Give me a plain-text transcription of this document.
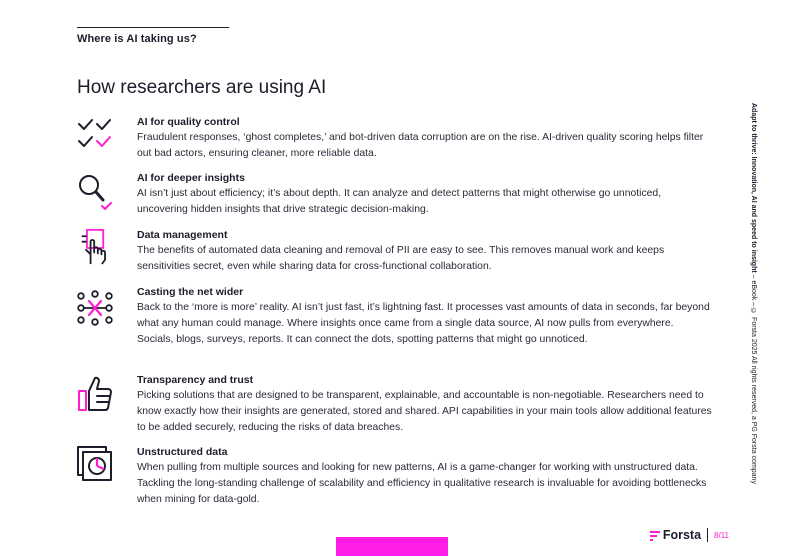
Where is AI taking us?
How researchers are using AI

AI for quality control

Fraudulent responses, ‘ghost completes,’ and bot-driven data corruption are on the rise. AI-driven quality scoring helps filter out bad actors, ensuring cleaner, more reliable data.

AI for deeper insights

AI isn’t just about efficiency; it’s about depth. It can analyze and detect patterns that might otherwise go unnoticed, uncovering hidden insights that drive strategic decision-making.

Data management

The benefits of automated data cleaning and removal of PII are easy to see. This removes manual work and keeps sensitivities secret, even while sharing data for cross-functional collaboration.

Casting the net wider

Back to the ‘more is more’ reality. AI isn’t just fast, it’s lightning fast. It processes vast amounts of data in seconds, far beyond what any human could manage. Where insights once came from a single data source, AI now pulls from everywhere. Socials, blogs, surveys, reports. It can connect the dots, spotting patterns that might go unnoticed.

Transparency and trust

Picking solutions that are designed to be transparent, explainable, and accountable is non-negotiable. Researchers need to know exactly how their insights are generated, stored and shared. API capabilities in your main tools allow additional features to be added securely, reducing the risks of data breaches.

Unstructured data

When pulling from multiple sources and looking for new patterns, AI is a game-changer for working with unstructured data. Tackling the long-standing challenge of scalability and efficiency in qualitative research is invaluable for avoiding bottlenecks when mining for data-gold.

Adapt to thrive: Innovation, AI and speed to insight – eBook – © Forsta 2025 All rights reserved, a PG Forsta company
Forsta 8/11
